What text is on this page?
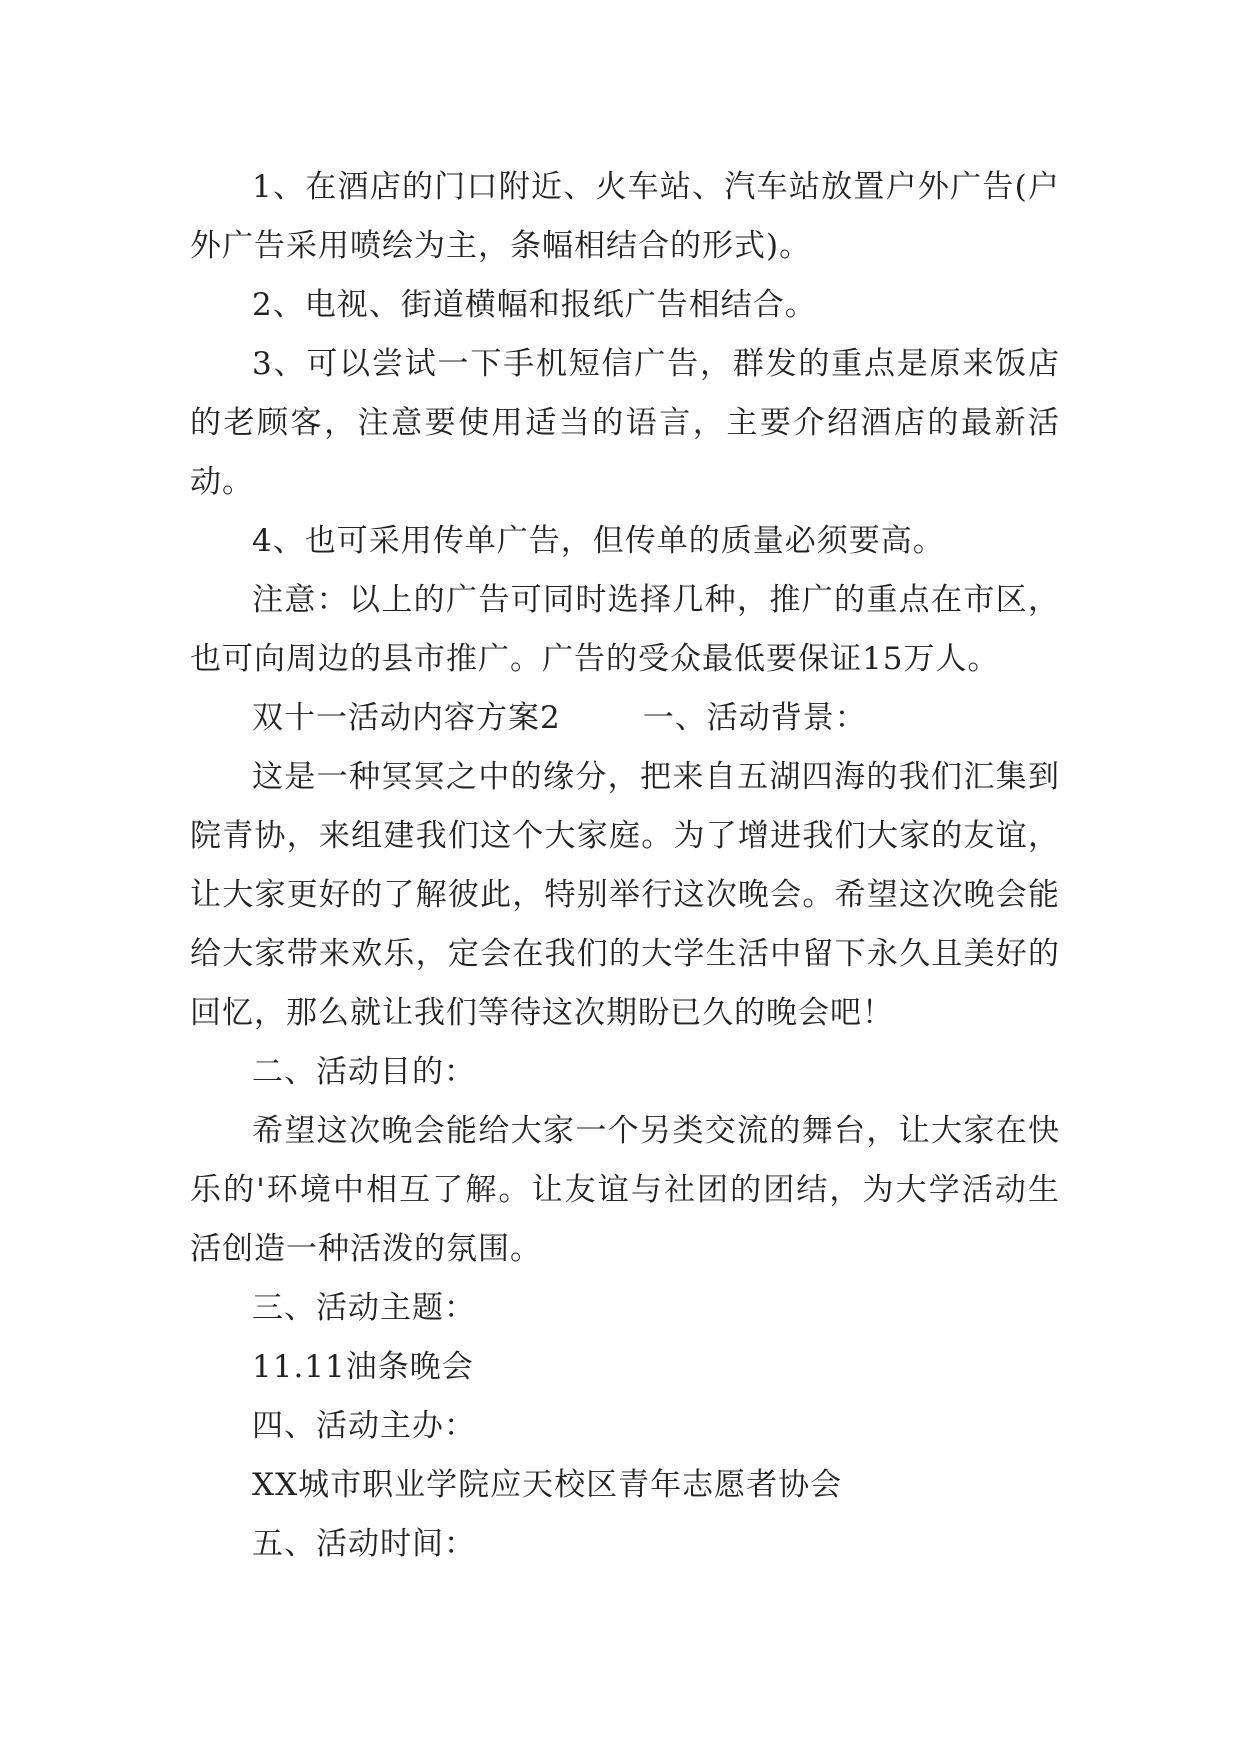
1、在酒店的门口附近、火车站、汽车站放置户外广告(户外广告采用喷绘为主，条幅相结合的形式)。

2、电视、街道横幅和报纸广告相结合。

3、可以尝试一下手机短信广告，群发的重点是原来饭店的老顾客，注意要使用适当的语言，主要介绍酒店的最新活动。

4、也可采用传单广告，但传单的质量必须要高。

注意：以上的广告可同时选择几种，推广的重点在市区，也可向周边的县市推广。广告的受众最低要保证15万人。

双十一活动内容方案2	一、活动背景：

这是一种冥冥之中的缘分，把来自五湖四海的我们汇集到院青协，来组建我们这个大家庭。为了增进我们大家的友谊，让大家更好的了解彼此，特别举行这次晚会。希望这次晚会能给大家带来欢乐，定会在我们的大学生活中留下永久且美好的回忆，那么就让我们等待这次期盼已久的晚会吧！

二、活动目的：

希望这次晚会能给大家一个另类交流的舞台，让大家在快乐的'环境中相互了解。让友谊与社团的团结，为大学活动生活创造一种活泼的氛围。

三、活动主题：

11.11油条晚会

四、活动主办：

XX城市职业学院应天校区青年志愿者协会

五、活动时间：
